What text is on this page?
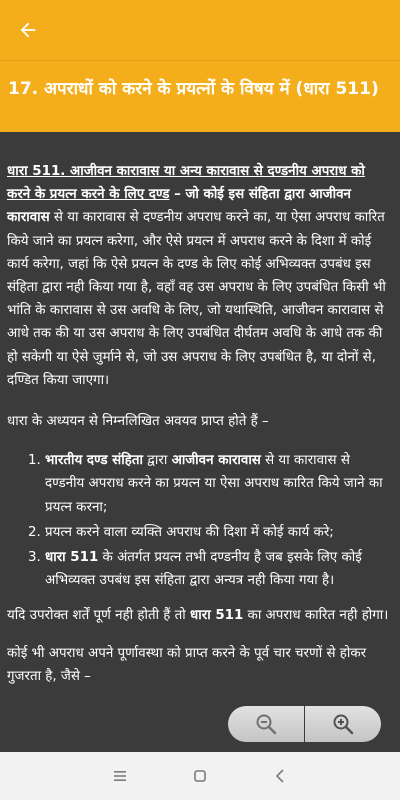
17. अपराधों को करने के प्रयत्नों के विषय में (धारा 511)

धारा 511. आजीवन कारावास या अन्य कारावास से दण्डनीय अपराध को करने के प्रयत्न करने के लिए दण्ड – जो कोई इस संहिता द्वारा आजीवन कारावास से या कारावास से दण्डनीय अपराध करने का, या ऐसा अपराध कारित किये जाने का प्रयत्न करेगा, और ऐसे प्रयत्न में अपराध करने के दिशा में कोई कार्य करेगा, जहां कि ऐसे प्रयत्न के दण्ड के लिए कोई अभिव्यक्त उपबंध इस संहिता द्वारा नही किया गया है, वहाँ वह उस अपराध के लिए उपबंधित किसी भी भांति के कारावास से उस अवधि के लिए, जो यथास्थिति, आजीवन कारावास से आधे तक की या उस अपराध के लिए उपबंधित दीर्घतम अवधि के आधे तक की हो सकेगी या ऐसे जुर्माने से, जो उस अपराध के लिए उपबंधित है, या दोनों से, दण्डित किया जाएगा।

धारा के अध्ययन से निम्नलिखित अवयव प्राप्त होते हैं –

1. भारतीय दण्ड संहिता द्वारा आजीवन कारावास से या कारावास से दण्डनीय अपराध करने का प्रयत्न या ऐसा अपराध कारित किये जाने का प्रयत्न करना;
2. प्रयत्न करने वाला व्यक्ति अपराध की दिशा में कोई कार्य करे;
3. धारा 511 के अंतर्गत प्रयत्न तभी दण्डनीय है जब इसके लिए कोई अभिव्यक्त उपबंध इस संहिता द्वारा अन्यत्र नही किया गया है।

यदि उपरोक्त शर्तें पूर्ण नही होती हैं तो धारा 511 का अपराध कारित नही होगा।

कोई भी अपराध अपने पूर्णावस्था को प्राप्त करने के पूर्व चार चरणों से होकर गुजरता है, जैसे –
